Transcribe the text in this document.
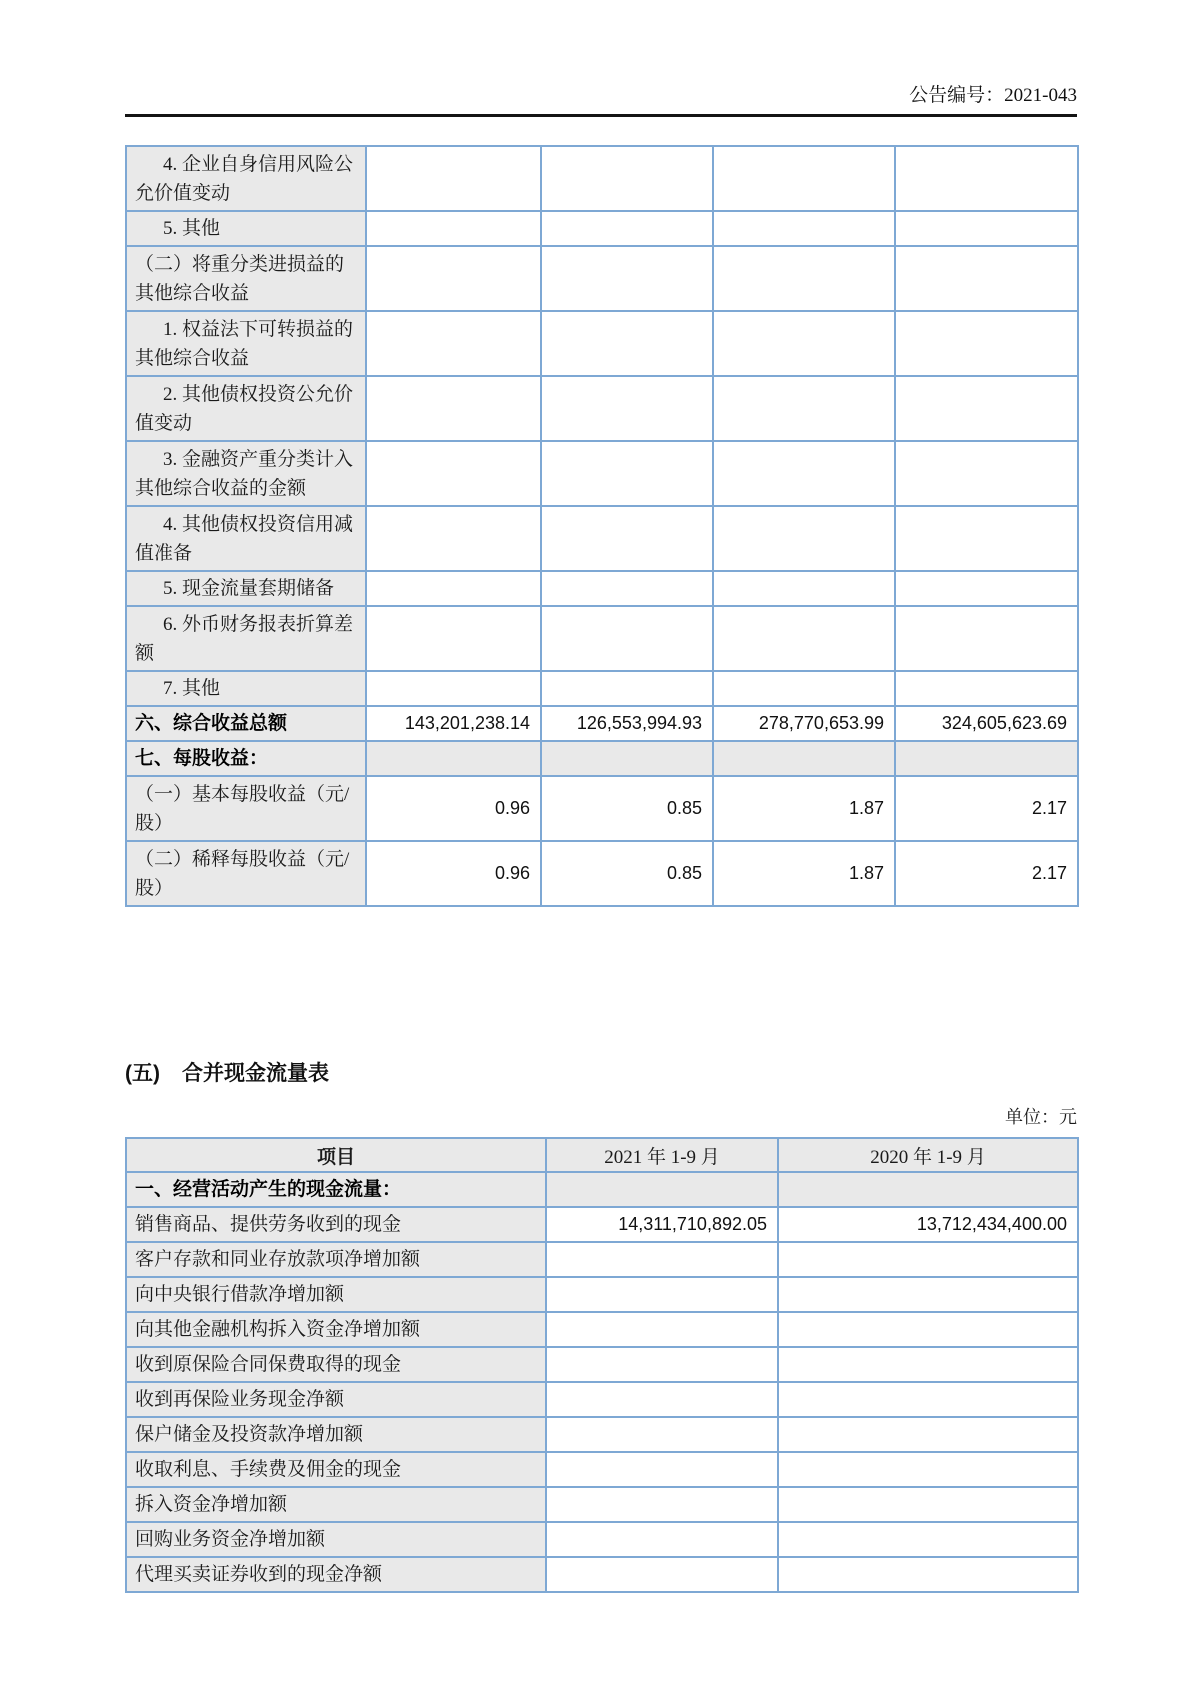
公告编号：2021-043
4. 企业自身信用风险公允价值变动				
5. 其他				
（二）将重分类进损益的其他综合收益				
1. 权益法下可转损益的其他综合收益				
2. 其他债权投资公允价值变动				
3. 金融资产重分类计入其他综合收益的金额				
4. 其他债权投资信用减值准备				
5. 现金流量套期储备				
6. 外币财务报表折算差额				
7. 其他				
六、综合收益总额	143,201,238.14	126,553,994.93	278,770,653.99	324,605,623.69
七、每股收益：				
（一）基本每股收益（元/股）	0.96	0.85	1.87	2.17
（二）稀释每股收益（元/股）	0.96	0.85	1.87	2.17
(五) 合并现金流量表
单位：元
项目	2021 年 1-9 月	2020 年 1-9 月
一、经营活动产生的现金流量：		
销售商品、提供劳务收到的现金	14,311,710,892.05	13,712,434,400.00
客户存款和同业存放款项净增加额		
向中央银行借款净增加额		
向其他金融机构拆入资金净增加额		
收到原保险合同保费取得的现金		
收到再保险业务现金净额		
保户储金及投资款净增加额		
收取利息、手续费及佣金的现金		
拆入资金净增加额		
回购业务资金净增加额		
代理买卖证券收到的现金净额		
